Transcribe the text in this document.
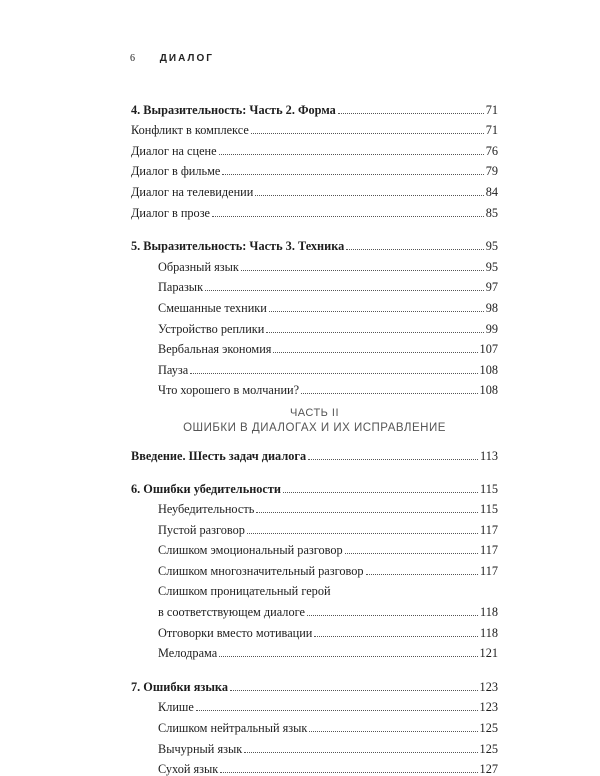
6 ДИАЛОГ
4. Выразительность: Часть 2. Форма	71
Конфликт в комплексе	71
Диалог на сцене	76
Диалог в фильме	79
Диалог на телевидении	84
Диалог в прозе	85
5. Выразительность: Часть 3. Техника	95
Образный язык	95
Паразык	97
Смешанные техники	98
Устройство реплики	99
Вербальная экономия	107
Пауза	108
Что хорошего в молчании?	108
ЧАСТЬ II
ОШИБКИ В ДИАЛОГАХ И ИХ ИСПРАВЛЕНИЕ
Введение. Шесть задач диалога	113
6. Ошибки убедительности	115
Неубедительность	115
Пустой разговор	117
Слишком эмоциональный разговор	117
Слишком многозначительный разговор	117
Слишком проницательный герой
в соответствующем диалоге	118
Отговорки вместо мотивации	118
Мелодрама	121
7. Ошибки языка	123
Клише	123
Слишком нейтральный язык	125
Вычурный язык	125
Сухой язык	127
